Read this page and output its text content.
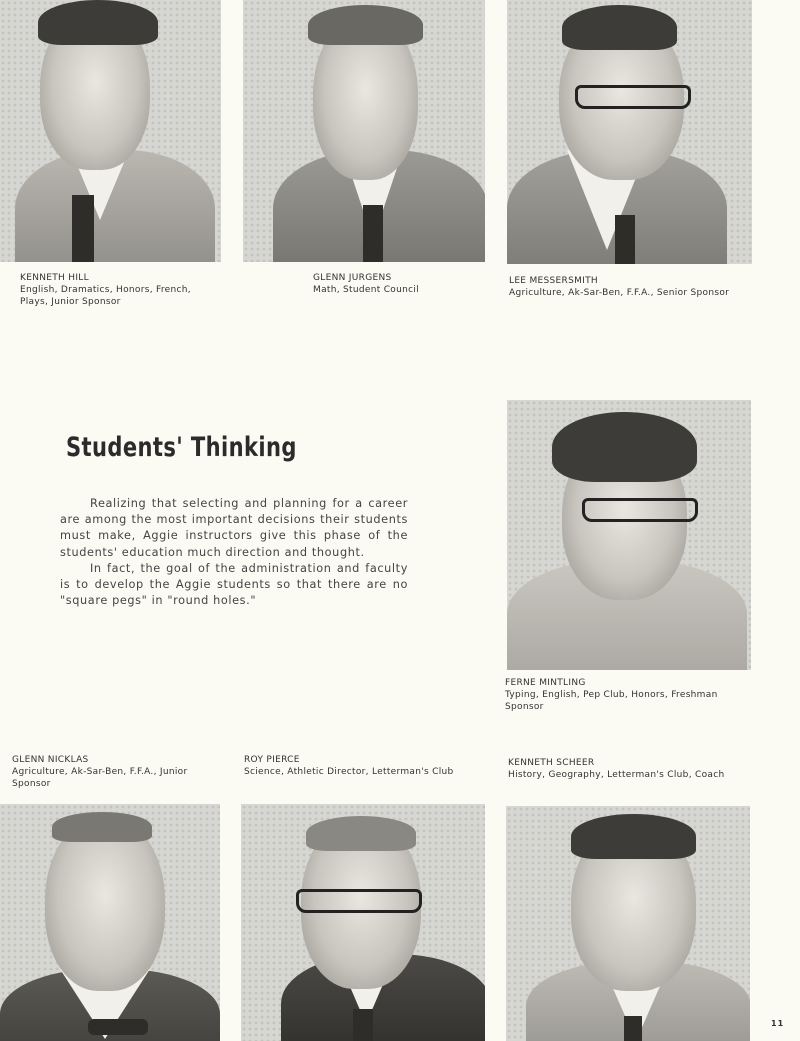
KENNETH HILL
English, Dramatics, Honors, French, Plays, Junior Sponsor
GLENN JURGENS
Math, Student Council
LEE MESSERSMITH
Agriculture, Ak-Sar-Ben, F.F.A., Senior Sponsor
Students' Thinking

Realizing that selecting and planning for a career are among the most important decisions their students must make, Aggie instructors give this phase of the students' education much direction and thought.

In fact, the goal of the administration and faculty is to develop the Aggie students so that there are no "square pegs" in "round holes."

FERNE MINTLING
Typing, English, Pep Club, Honors, Freshman Sponsor
GLENN NICKLAS
Agriculture, Ak-Sar-Ben, F.F.A., Junior Sponsor
ROY PIERCE
Science, Athletic Director, Letterman's Club
KENNETH SCHEER
History, Geography, Letterman's Club, Coach
11
